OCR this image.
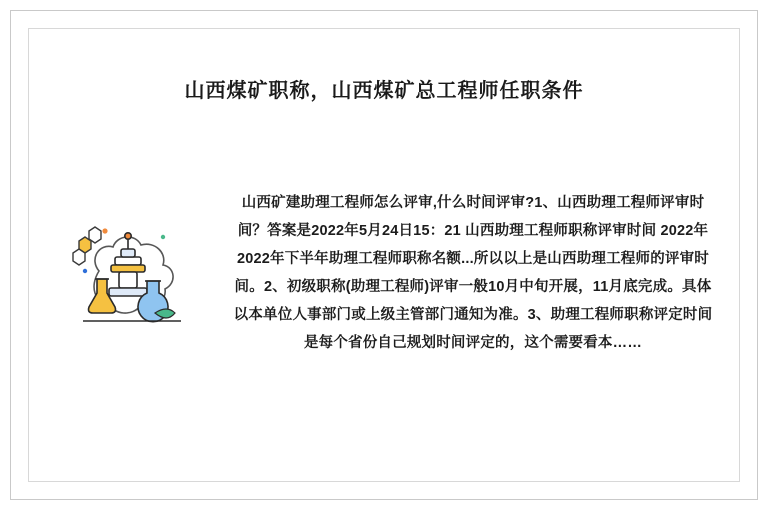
山西煤矿职称，山西煤矿总工程师任职条件
山西矿建助理工程师怎么评审,什么时间评审?1、山西助理工程师评审时间？答案是2022年5月24日15：21 山西助理工程师职称评审时间 2022年 2022年下半年助理工程师职称名额...所以以上是山西助理工程师的评审时间。2、初级职称(助理工程师)评审一般10月中旬开展，11月底完成。具体以本单位人事部门或上级主管部门通知为准。3、助理工程师职称评定时间是每个省份自己规划时间评定的，这个需要看本……
